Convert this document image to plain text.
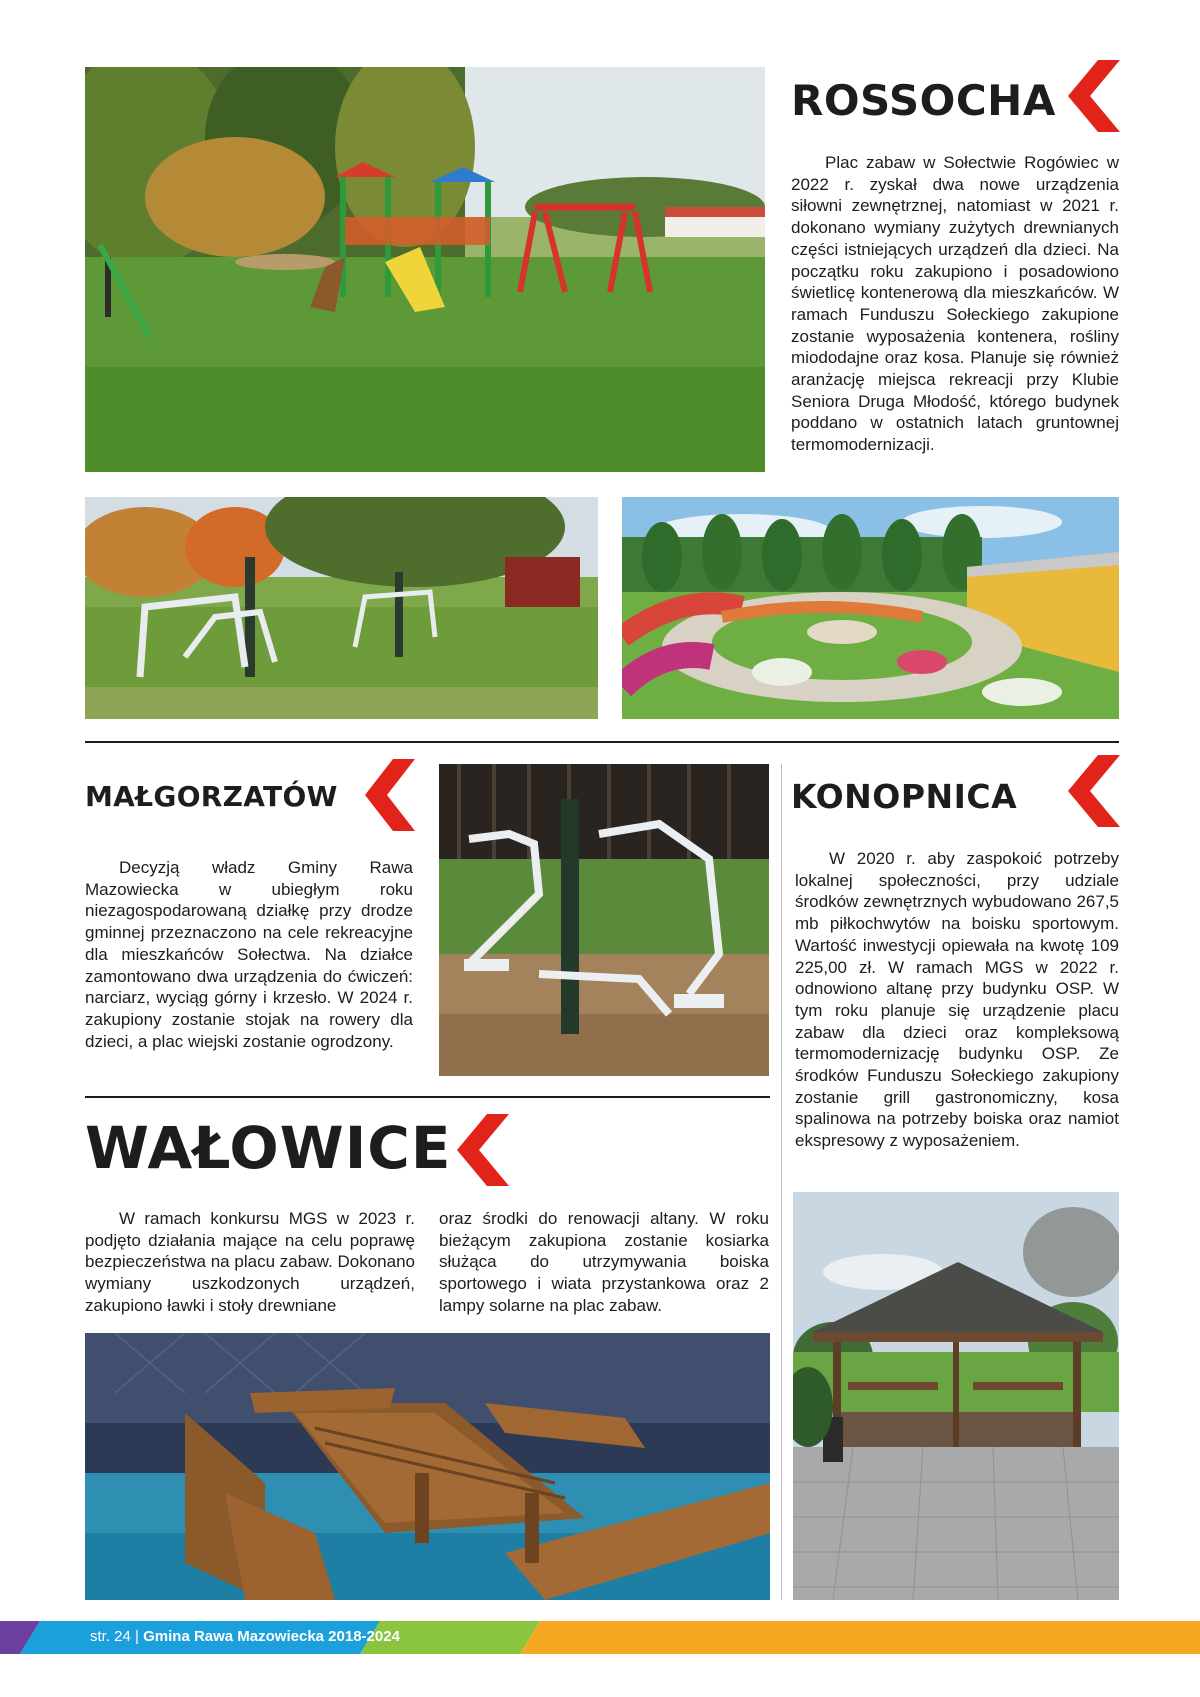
ROSSOCHA

Plac zabaw w Sołectwie Rogówiec w 2022 r. zyskał dwa nowe urządzenia siłowni zewnętrznej, natomiast w 2021 r. dokonano wymiany zużytych drewnianych części istniejących urządzeń dla dzieci. Na początku roku zakupiono i posadowiono świetlicę kontenerową dla mieszkańców. W ramach Funduszu Sołeckiego zakupione zostanie wyposażenia kontenera, rośliny miododajne oraz kosa. Planuje się również aranżację miejsca rekreacji przy Klubie Seniora Druga Młodość, którego budynek poddano w ostatnich latach gruntownej termomodernizacji.

MAŁGORZATÓW

Decyzją władz Gminy Rawa Mazowiecka w ubiegłym roku niezagospodarowaną działkę przy drodze gminnej przeznaczono na cele rekreacyjne dla mieszkańców Sołectwa. Na działce zamontowano dwa urządzenia do ćwiczeń: narciarz, wyciąg górny i krzesło. W 2024 r. zakupiony zostanie stojak na rowery dla dzieci, a plac wiejski zostanie ogrodzony.

KONOPNICA

W 2020 r. aby zaspokoić potrzeby lokalnej społeczności, przy udziale środków zewnętrznych wybudowano 267,5 mb piłkochwytów na boisku sportowym. Wartość inwestycji opiewała na kwotę 109 225,00 zł. W ramach MGS w 2022 r. odnowiono altanę przy budynku OSP. W tym roku planuje się urządzenie placu zabaw dla dzieci oraz kompleksową termomodernizację budynku OSP. Ze środków Funduszu Sołeckiego zakupiony zostanie grill gastronomiczny, kosa spalinowa na potrzeby boiska oraz namiot ekspresowy z wyposażeniem.

WAŁOWICE

W ramach konkursu MGS w 2023 r. podjęto działania mające na celu poprawę bezpieczeństwa na placu zabaw. Dokonano wymiany uszkodzonych urządzeń, zakupiono ławki i stoły drewniane

oraz środki do renowacji altany. W roku bieżącym zakupiona zostanie kosiarka służąca do utrzymywania boiska sportowego i wiata przystankowa oraz 2 lampy solarne na plac zabaw.

str. 24 | Gmina Rawa Mazowiecka 2018-2024
